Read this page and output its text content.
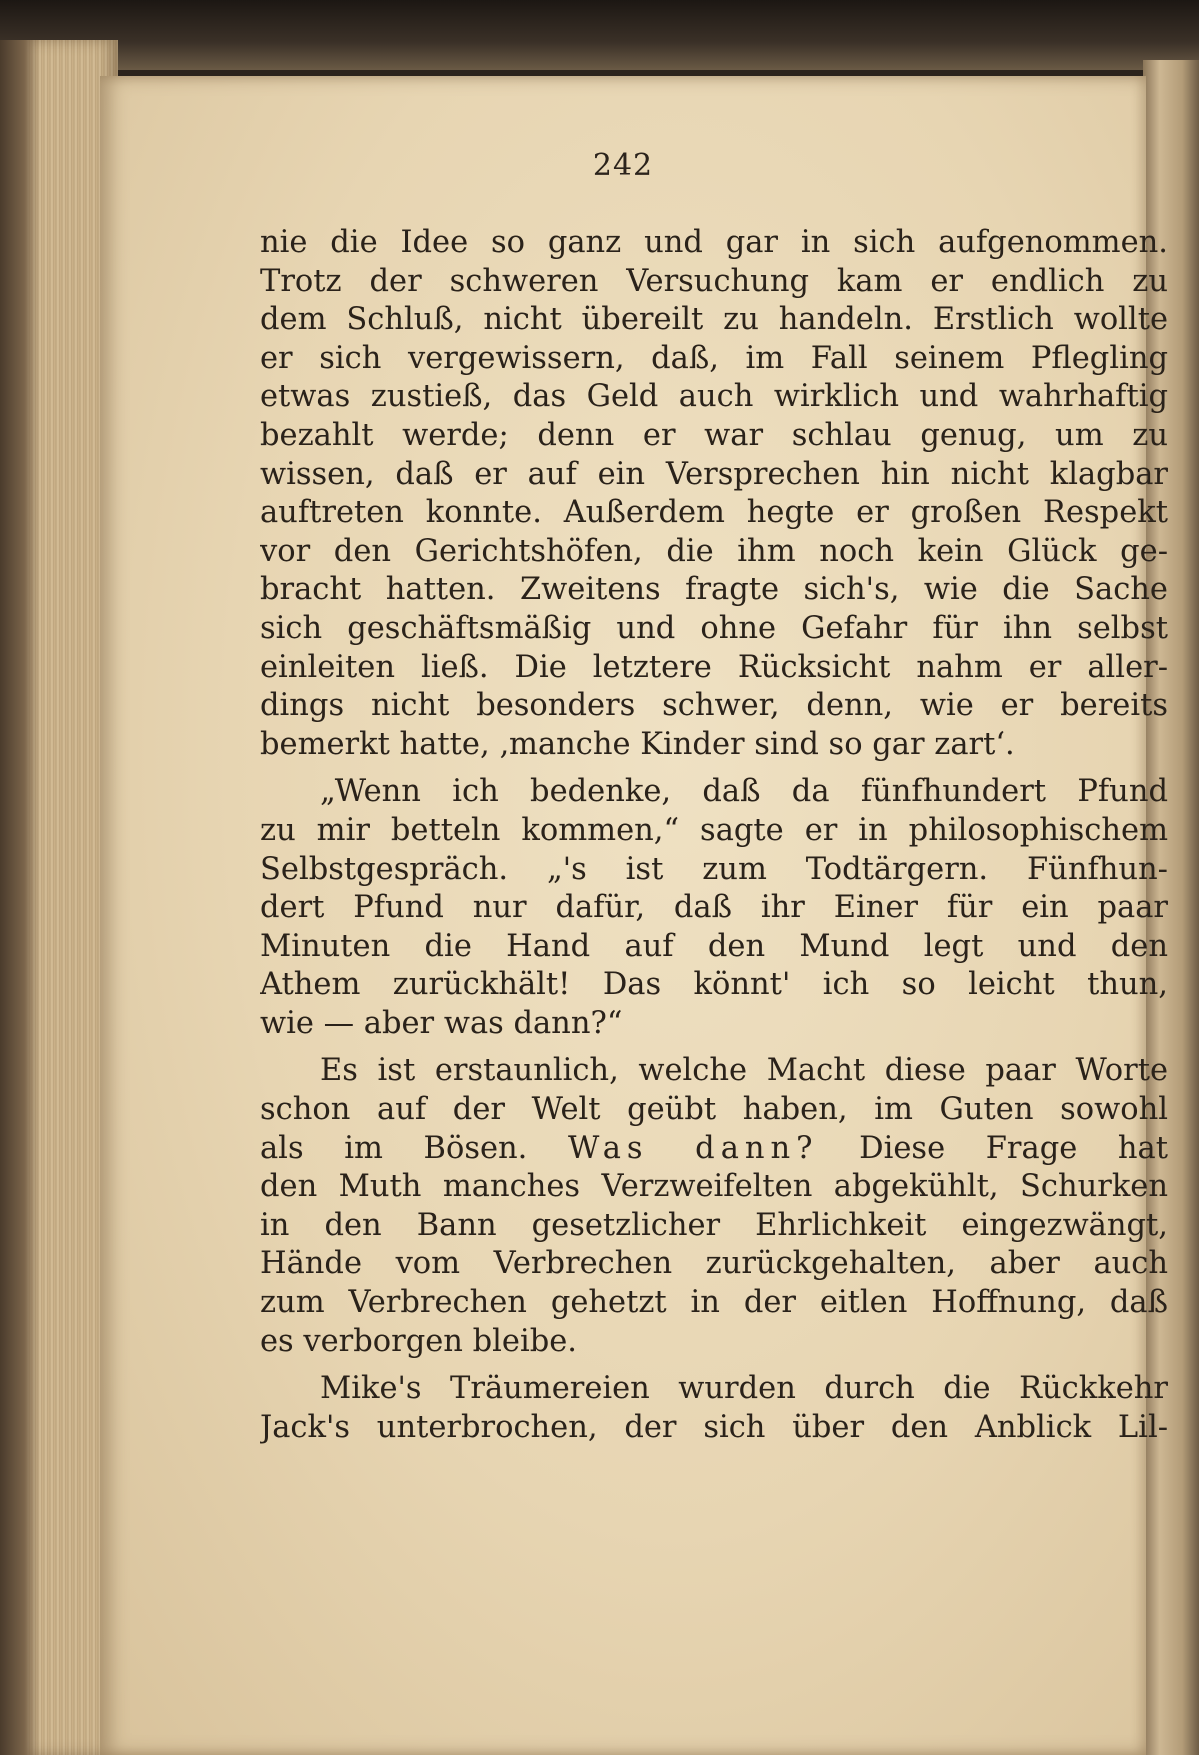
242
nie die Idee so ganz und gar in sich aufgenommen.
Trotz der schweren Versuchung kam er endlich zu
dem Schluß, nicht übereilt zu handeln. Erstlich wollte
er sich vergewissern, daß, im Fall seinem Pflegling
etwas zustieß, das Geld auch wirklich und wahrhaftig
bezahlt werde; denn er war schlau genug, um zu
wissen, daß er auf ein Versprechen hin nicht klagbar
auftreten konnte. Außerdem hegte er großen Respekt
vor den Gerichtshöfen, die ihm noch kein Glück ge-
bracht hatten. Zweitens fragte sich's, wie die Sache
sich geschäftsmäßig und ohne Gefahr für ihn selbst
einleiten ließ. Die letztere Rücksicht nahm er aller-
dings nicht besonders schwer, denn, wie er bereits
bemerkt hatte, ‚manche Kinder sind so gar zart‘.
„Wenn ich bedenke, daß da fünfhundert Pfund
zu mir betteln kommen,“ sagte er in philosophischem
Selbstgespräch. „'s ist zum Todtärgern. Fünfhun-
dert Pfund nur dafür, daß ihr Einer für ein paar
Minuten die Hand auf den Mund legt und den
Athem zurückhält! Das könnt' ich so leicht thun,
wie — aber was dann?“
Es ist erstaunlich, welche Macht diese paar Worte
schon auf der Welt geübt haben, im Guten sowohl
als im Bösen. Was dann? Diese Frage hat
den Muth manches Verzweifelten abgekühlt, Schurken
in den Bann gesetzlicher Ehrlichkeit eingezwängt,
Hände vom Verbrechen zurückgehalten, aber auch
zum Verbrechen gehetzt in der eitlen Hoffnung, daß
es verborgen bleibe.
Mike's Träumereien wurden durch die Rückkehr
Jack's unterbrochen, der sich über den Anblick Lil-
